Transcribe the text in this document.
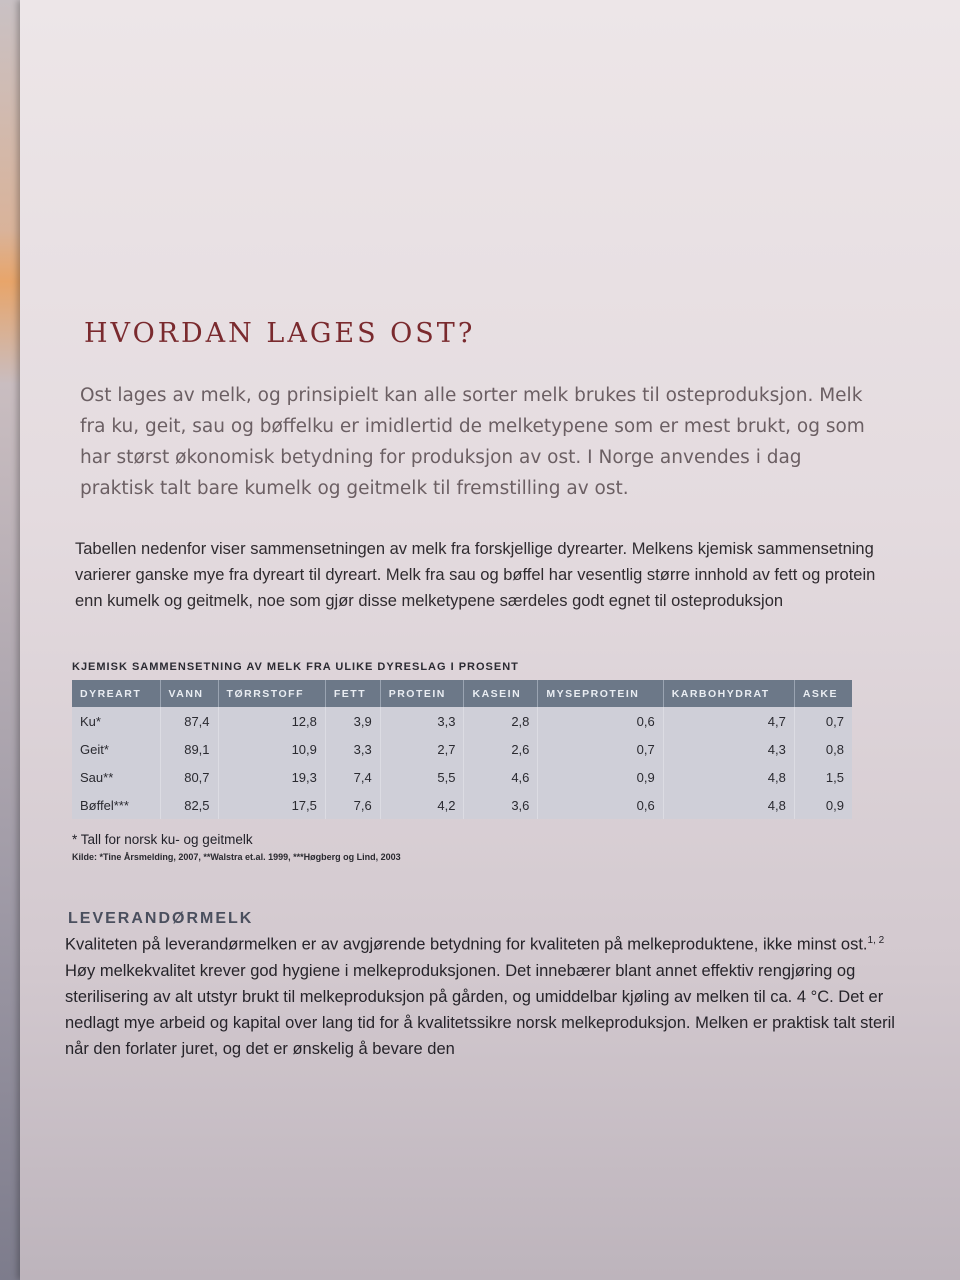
HVORDAN LAGES OST?
Ost lages av melk, og prinsipielt kan alle sorter melk brukes til osteproduksjon. Melk fra ku, geit, sau og bøffelku er imidlertid de melketypene som er mest brukt, og som har størst økonomisk betydning for produksjon av ost. I Norge anvendes i dag praktisk talt bare kumelk og geitmelk til fremstilling av ost.
Tabellen nedenfor viser sammensetningen av melk fra forskjellige dyrearter. Melkens kjemisk sammensetning varierer ganske mye fra dyreart til dyreart. Melk fra sau og bøffel har vesentlig større innhold av fett og protein enn kumelk og geitmelk, noe som gjør disse melketypene særdeles godt egnet til osteproduksjon
KJEMISK SAMMENSETNING AV MELK FRA ULIKE DYRESLAG I PROSENT
DYREART	VANN	TØRRSTOFF	FETT	PROTEIN	KASEIN	MYSEPROTEIN	KARBOHYDRAT	ASKE
Ku*	87,4	12,8	3,9	3,3	2,8	0,6	4,7	0,7
Geit*	89,1	10,9	3,3	2,7	2,6	0,7	4,3	0,8
Sau**	80,7	19,3	7,4	5,5	4,6	0,9	4,8	1,5
Bøffel***	82,5	17,5	7,6	4,2	3,6	0,6	4,8	0,9
* Tall for norsk ku- og geitmelk
Kilde: *Tine Årsmelding, 2007, **Walstra et.al. 1999, ***Høgberg og Lind, 2003
LEVERANDØRMELK

Kvaliteten på leverandørmelken er av avgjørende betydning for kvaliteten på melkeproduktene, ikke minst ost.$^{1, 2}$ Høy melkekvalitet krever god hygiene i melkeproduksjonen. Det innebærer blant annet effektiv rengjøring og sterilisering av alt utstyr brukt til melkeproduksjon på gården, og umiddelbar kjøling av melken til ca. 4 °C. Det er nedlagt mye arbeid og kapital over lang tid for å kvalitetssikre norsk melkeproduksjon. Melken er praktisk talt steril når den forlater juret, og det er ønskelig å bevare den
